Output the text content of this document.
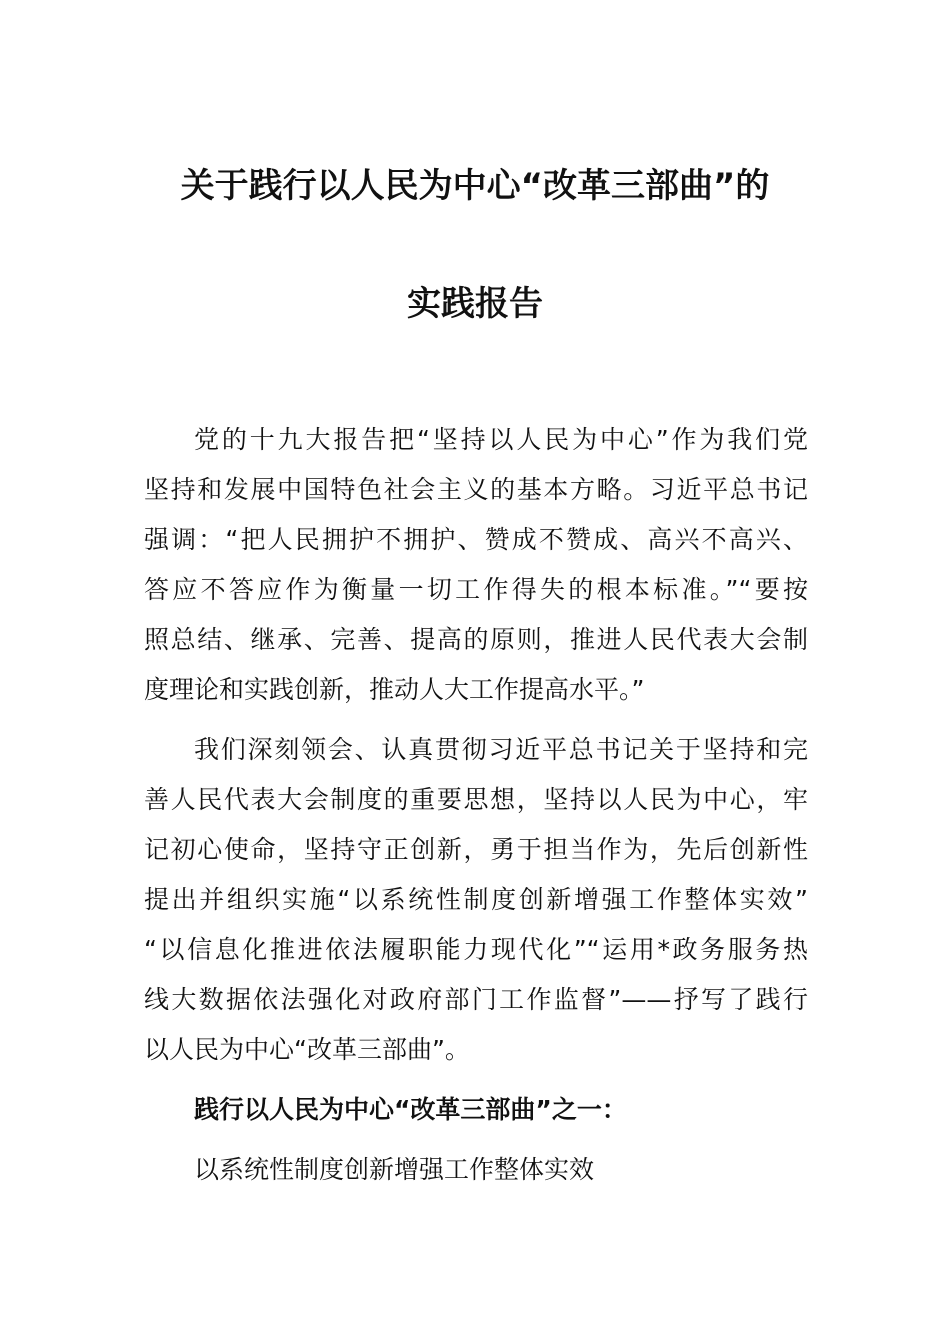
关于践行以人民为中心“改革三部曲”的
实践报告
党的十九大报告把“坚持以人民为中心”作为我们党
坚持和发展中国特色社会主义的基本方略。习近平总书记
强调：“把人民拥护不拥护、赞成不赞成、高兴不高兴、
答应不答应作为衡量一切工作得失的根本标准。”“要按
照总结、继承、完善、提高的原则，推进人民代表大会制
度理论和实践创新，推动人大工作提高水平。”
我们深刻领会、认真贯彻习近平总书记关于坚持和完
善人民代表大会制度的重要思想，坚持以人民为中心，牢
记初心使命，坚持守正创新，勇于担当作为，先后创新性
提出并组织实施“以系统性制度创新增强工作整体实效”
“以信息化推进依法履职能力现代化”“运用*政务服务热
线大数据依法强化对政府部门工作监督”——抒写了践行
以人民为中心“改革三部曲”。
践行以人民为中心“改革三部曲”之一：
以系统性制度创新增强工作整体实效
